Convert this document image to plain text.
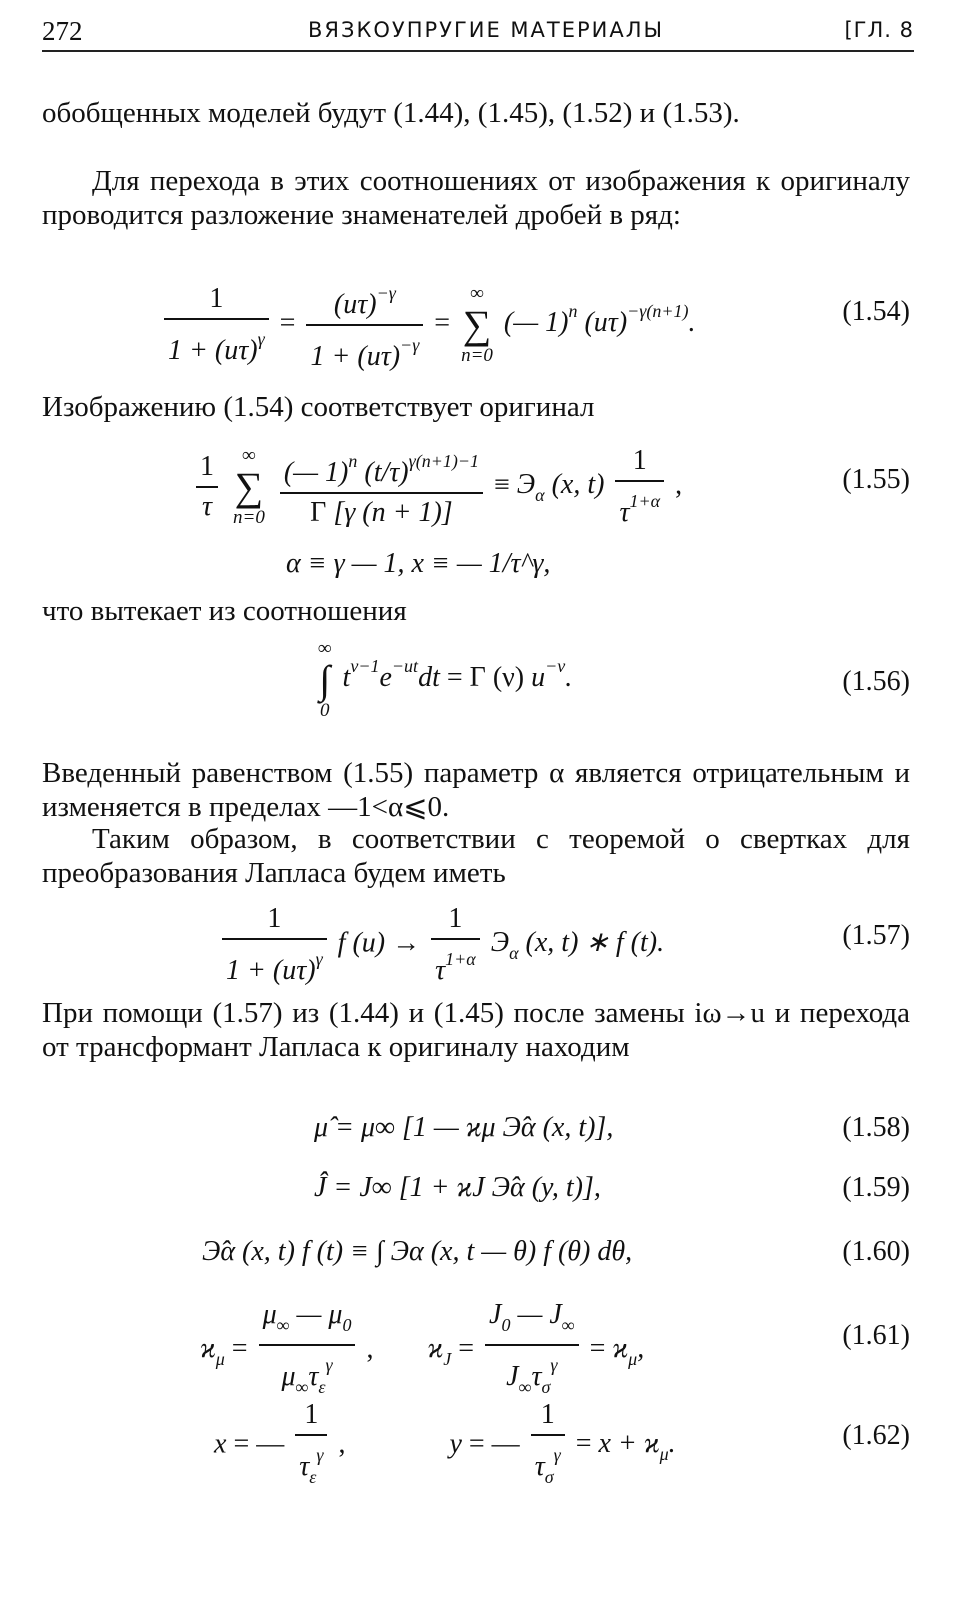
272	ВЯЗКОУПРУГИЕ МАТЕРИАЛЫ	[ГЛ. 8
обобщенных моделей будут (1.44), (1.45), (1.52) и (1.53).
Для перехода в этих соотношениях от изображения к оригиналу проводится разложение знаменателей дробей в ряд:
$\frac{1}{1 + (u\tau)^\gamma} = \frac{(u\tau)^{-\gamma}}{1 + (u\tau)^{-\gamma}}$ =
∞
∑
n=0
(— 1)$^n$ $(u\tau)^{-\gamma(n+1)}$.	(1.54)
Изображению (1.54) соответствует оригинал
$\frac{1}{\tau}$
	∞
∑
n=0
$\frac{(— 1)^n (t/\tau)^{\gamma(n+1)-1}}{\Gamma [\gamma (n + 1)]} \equiv Э_\alpha$ (x, $t) \frac{1}{\tau^{1+\alpha}}$ ,	(1.55)
α ≡ γ — 1, x ≡ — 1/τ^γ,
что вытекает из соотношения
∞
∫
0
$t^{\nu-1}e^{-ut}dt = \Gamma$ (ν) $u^{-\nu}$.	(1.56)
Введенный равенством (1.55) параметр α является отрицательным и изменяется в пределах —1<α⩽0.
Таким образом, в соответствии с теоремой о свертках для преобразования Лапласа будем иметь
$\frac{1}{1 + (u\tau)^\gamma}$ f $(u) \to \frac{1}{\tau^{1+\alpha}} Э_\alpha$ (x, t) ∗ f (t).	(1.57)
При помощи (1.57) из (1.44) и (1.45) после замены iω→u и перехода от трансформант Лапласа к оригиналу находим
μ̂ = μ∞ [1 — ϰμ Э̂α (x, t)],	(1.58)
Ĵ = J∞ [1 + ϰJ Э̂α (y, t)],	(1.59)
Э̂α (x, t) f (t) ≡ ∫ Эα (x, t — θ) f (θ) dθ,	(1.60)
$ϰ_\mu = \frac{\mu_\infty — \mu_0}{\mu_\infty\tau_\varepsilon^\gamma}$ , $ϰ_J = \frac{J_0 — J_\infty}{J_\infty\tau_\sigma^\gamma} = ϰ_\mu$,	(1.61)
x = — $\frac{1}{\tau_\varepsilon^\gamma}$ ,	y = — $\frac{1}{\tau_\sigma^\gamma} = x + ϰ_\mu$.	(1.62)
